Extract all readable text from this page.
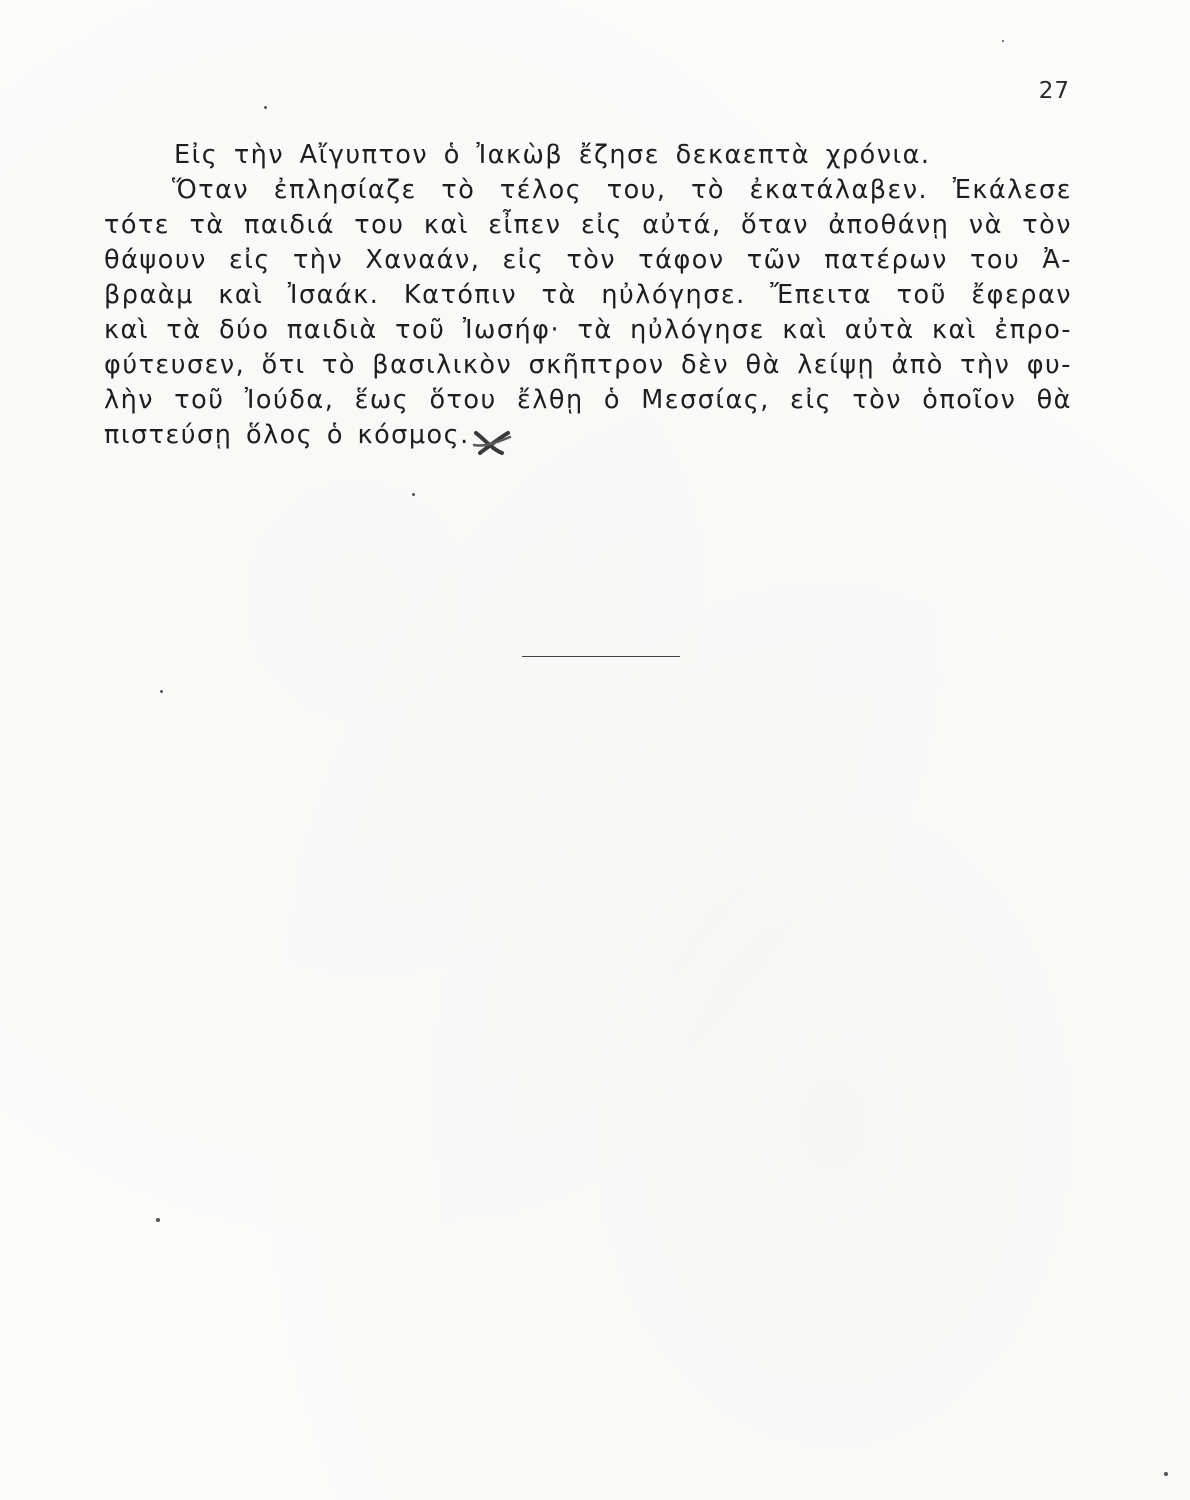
27
Εἰς τὴν Αἴγυπτον ὁ Ἰακὼβ ἔζησε δεκαεπτὰ χρόνια.
Ὅταν ἐπλησίαζε τὸ τέλος του, τὸ ἐκατάλαβεν. Ἐκάλεσε
τότε τὰ παιδιά του καὶ εἶπεν εἰς αὐτά, ὅταν ἀποθάνῃ νὰ τὸν
θάψουν εἰς τὴν Χαναάν, εἰς τὸν τάφον τῶν πατέρων του Ἀ-
βραὰμ καὶ Ἰσαάκ. Κατόπιν τὰ ηὐλόγησε. Ἔπειτα τοῦ ἔφεραν
καὶ τὰ δύο παιδιὰ τοῦ Ἰωσήφ· τὰ ηὐλόγησε καὶ αὐτὰ καὶ ἐπρο-
φύτευσεν, ὅτι τὸ βασιλικὸν σκῆπτρον δὲν θὰ λείψῃ ἀπὸ τὴν φυ-
λὴν τοῦ Ἰούδα, ἕως ὅτου ἔλθῃ ὁ Μεσσίας, εἰς τὸν ὁποῖον θὰ
πιστεύσῃ ὅλος ὁ κόσμος.
